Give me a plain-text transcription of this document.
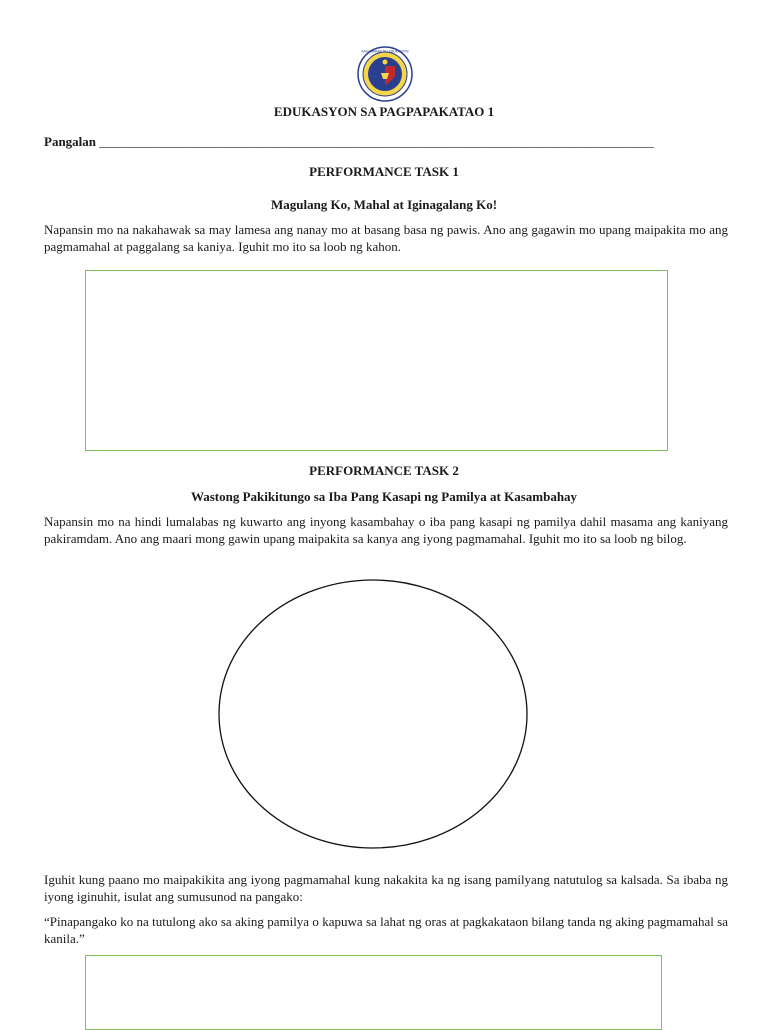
KAGAWARAN NG EDUKASYON
EDUKASYON SA PAGPAPAKATAO 1
Pangalan ________________________________________________________________________________________
PERFORMANCE TASK 1
Magulang Ko, Mahal at Iginagalang Ko!
Napansin mo na nakahawak sa may lamesa ang nanay mo at basang basa ng pawis. Ano ang gagawin mo upang maipakita mo ang pagmamahal at paggalang sa kaniya. Iguhit mo ito sa loob ng kahon.
PERFORMANCE TASK 2
Wastong Pakikitungo sa Iba Pang Kasapi ng Pamilya at Kasambahay
Napansin mo na hindi lumalabas ng kuwarto ang inyong kasambahay o iba pang kasapi ng pamilya dahil masama ang kaniyang pakiramdam. Ano ang maari mong gawin upang maipakita sa kanya ang iyong pagmamahal. Iguhit mo ito sa loob ng bilog.
Iguhit kung paano mo maipakikita ang iyong pagmamahal kung nakakita ka ng isang pamilyang natutulog sa kalsada. Sa ibaba ng iyong iginuhit, isulat ang sumusunod na pangako:
“Pinapangako ko na tutulong ako sa aking pamilya o kapuwa sa lahat ng oras at pagkakataon bilang tanda ng aking pagmamahal sa kanila.”
